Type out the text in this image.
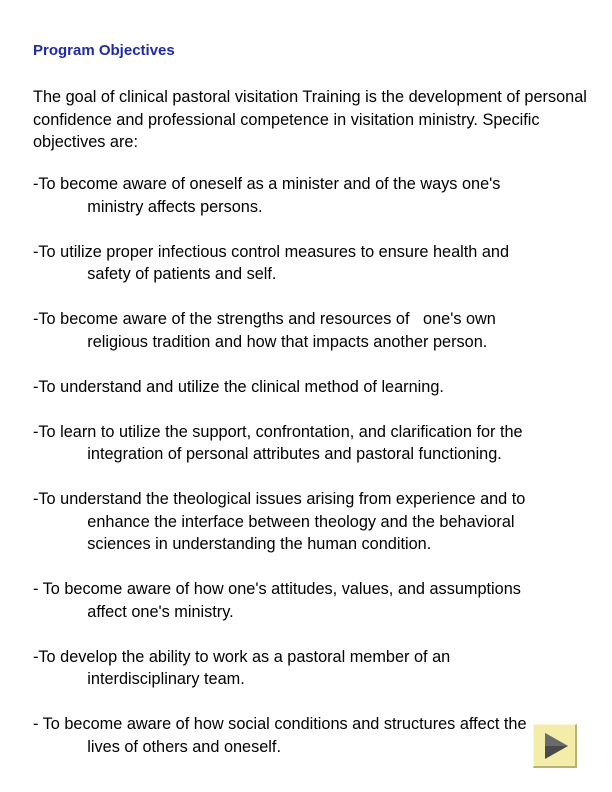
Program Objectives
The goal of clinical pastoral visitation Training is the development of personal confidence and professional competence in visitation ministry. Specific objectives are:
-To become aware of oneself as a minister and of the ways one's
ministry affects persons.
-To utilize proper infectious control measures to ensure health and
safety of patients and self.
-To become aware of the strengths and resources of   one's own
religious tradition and how that impacts another person.
-To understand and utilize the clinical method of learning.
-To learn to utilize the support, confrontation, and clarification for the
integration of personal attributes and pastoral functioning.
-To understand the theological issues arising from experience and to
enhance the interface between theology and the behavioral
sciences in understanding the human condition.
- To become aware of how one's attitudes, values, and assumptions
affect one's ministry.
-To develop the ability to work as a pastoral member of an
interdisciplinary team.
- To become aware of how social conditions and structures affect the
lives of others and oneself.
